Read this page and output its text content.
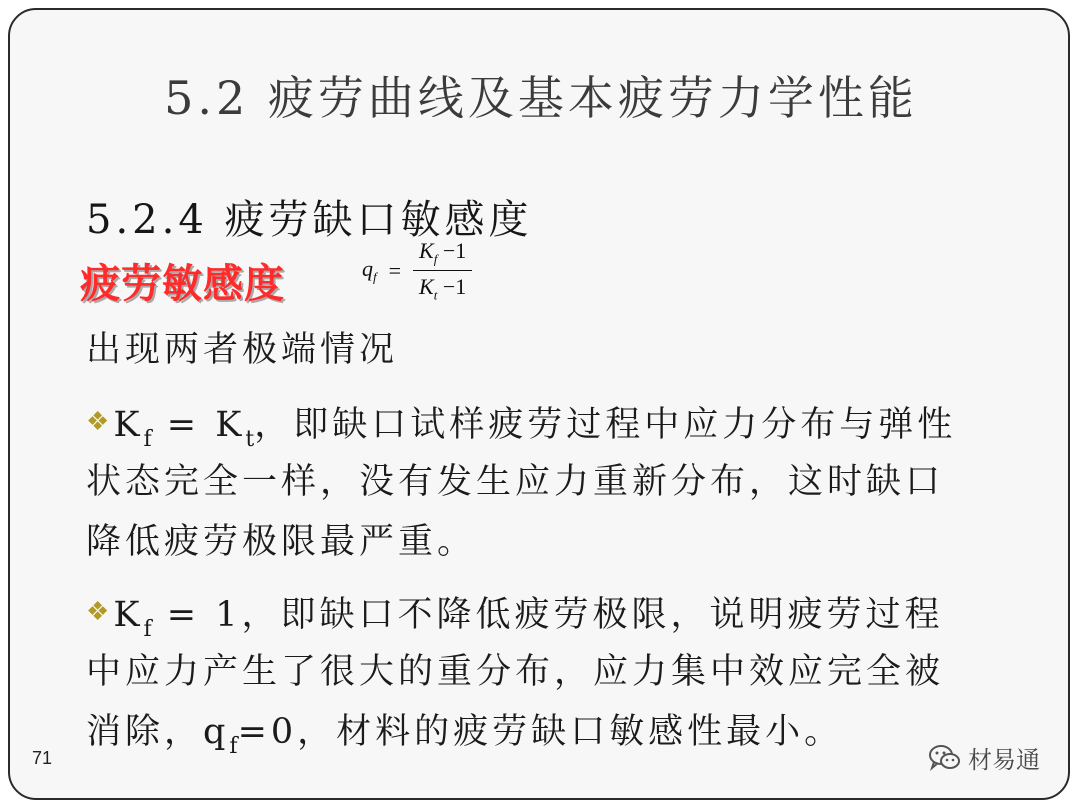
5.2 疲劳曲线及基本疲劳力学性能
5.2.4 疲劳缺口敏感度
疲劳敏感度	$q_f = \frac{K_f -1}{K_t -1}$
出现两者极端情况
❖ $K_f = K_t$，即缺口试样疲劳过程中应力分布与弹性
状态完全一样，没有发生应力重新分布，这时缺口
降低疲劳极限最严重。
❖ $K_f = 1$，即缺口不降低疲劳极限，说明疲劳过程
中应力产生了很大的重分布，应力集中效应完全被
消除，$q_f=0$，材料的疲劳缺口敏感性最小。
71	材易通
